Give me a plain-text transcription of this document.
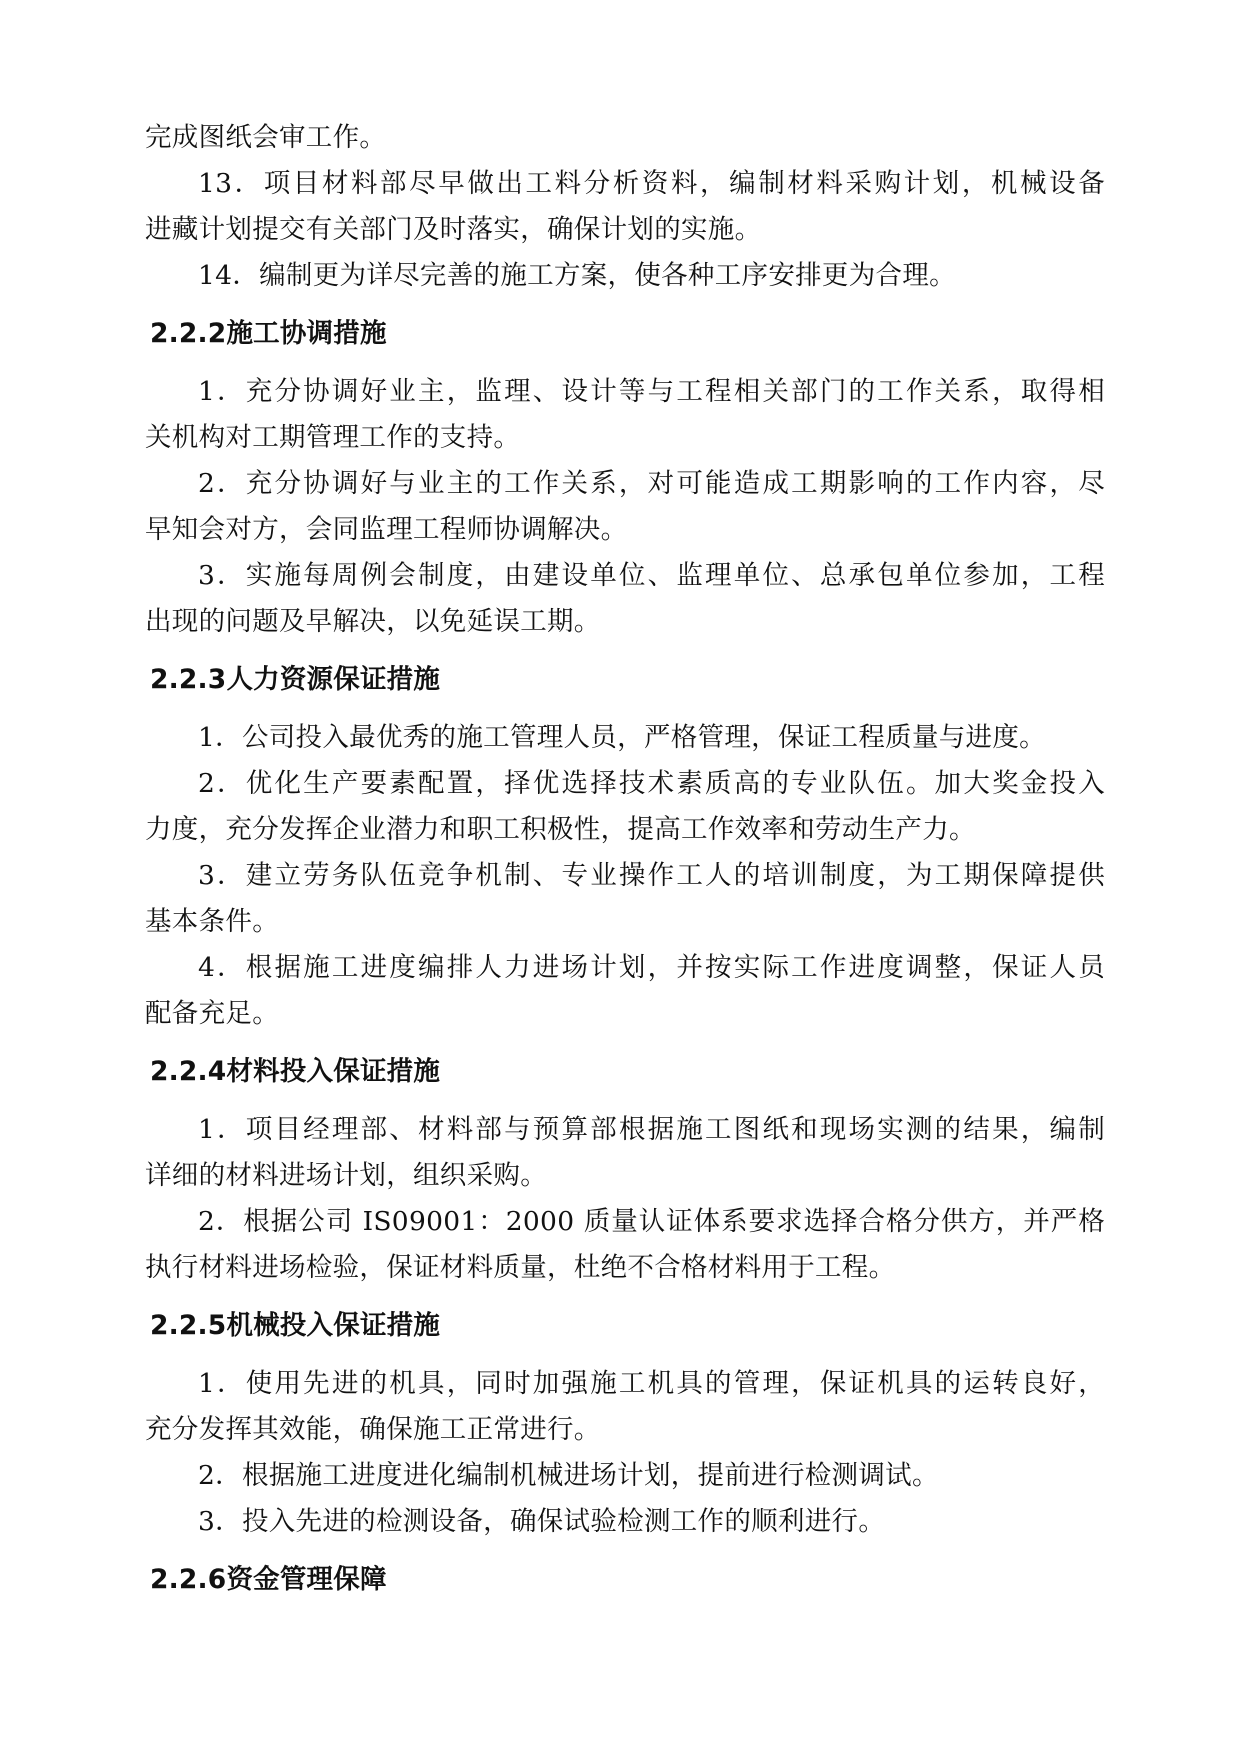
完成图纸会审工作。
13．项目材料部尽早做出工料分析资料，编制材料采购计划，机械设备
进藏计划提交有关部门及时落实，确保计划的实施。
14．编制更为详尽完善的施工方案，使各种工序安排更为合理。
2.2.2施工协调措施
1．充分协调好业主，监理、设计等与工程相关部门的工作关系，取得相
关机构对工期管理工作的支持。
2．充分协调好与业主的工作关系，对可能造成工期影响的工作内容，尽
早知会对方，会同监理工程师协调解决。
3．实施每周例会制度，由建设单位、监理单位、总承包单位参加，工程
出现的问题及早解决，以免延误工期。
2.2.3人力资源保证措施
1．公司投入最优秀的施工管理人员，严格管理，保证工程质量与进度。
2．优化生产要素配置，择优选择技术素质高的专业队伍。加大奖金投入
力度，充分发挥企业潜力和职工积极性，提高工作效率和劳动生产力。
3．建立劳务队伍竞争机制、专业操作工人的培训制度，为工期保障提供
基本条件。
4．根据施工进度编排人力进场计划，并按实际工作进度调整，保证人员
配备充足。
2.2.4材料投入保证措施
1．项目经理部、材料部与预算部根据施工图纸和现场实测的结果，编制
详细的材料进场计划，组织采购。
2．根据公司 IS09001：2000 质量认证体系要求选择合格分供方，并严格
执行材料进场检验，保证材料质量，杜绝不合格材料用于工程。
2.2.5机械投入保证措施
1．使用先进的机具，同时加强施工机具的管理，保证机具的运转良好，
充分发挥其效能，确保施工正常进行。
2．根据施工进度进化编制机械进场计划，提前进行检测调试。
3．投入先进的检测设备，确保试验检测工作的顺利进行。
2.2.6资金管理保障
